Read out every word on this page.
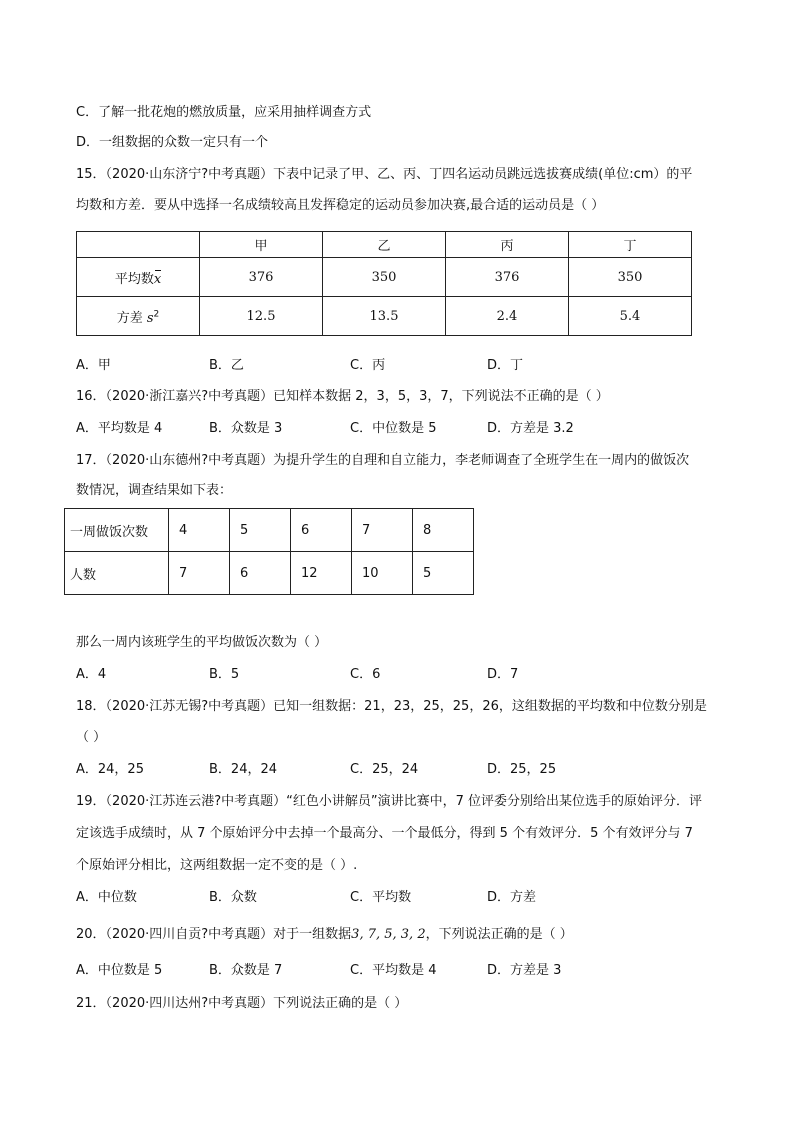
C．了解一批花炮的燃放质量，应采用抽样调查方式
D．一组数据的众数一定只有一个
15．（2020·山东济宁?中考真题）下表中记录了甲、乙、丙、丁四名运动员跳远选拔赛成绩(单位:cm）的平
均数和方差．要从中选择一名成绩较高且发挥稳定的运动员参加决赛,最合适的运动员是（ ）
	甲	乙	丙	丁
平均数x	376	350	376	350
方差 $s^2$	12.5	13.5	2.4	5.4
A．甲	B．乙	C．丙	D．丁
16．（2020·浙江嘉兴?中考真题）已知样本数据 2，3，5，3，7，下列说法不正确的是（ ）
A．平均数是 4	B．众数是 3	C．中位数是 5	D．方差是 3.2
17．（2020·山东德州?中考真题）为提升学生的自理和自立能力，李老师调查了全班学生在一周内的做饭次
数情况，调查结果如下表：
一周做饭次数	4	5	6	7	8
人数	7	6	12	10	5
那么一周内该班学生的平均做饭次数为（ ）
A．4	B．5	C．6	D．7
18．（2020·江苏无锡?中考真题）已知一组数据：21，23，25，25，26，这组数据的平均数和中位数分别是
（ ）
A．24，25	B．24，24	C．25，24	D．25，25
19．（2020·江苏连云港?中考真题）“红色小讲解员”演讲比赛中，7 位评委分别给出某位选手的原始评分．评
定该选手成绩时，从 7 个原始评分中去掉一个最高分、一个最低分，得到 5 个有效评分．5 个有效评分与 7
个原始评分相比，这两组数据一定不变的是（ ）.
A．中位数	B．众数	C．平均数	D．方差
20．（2020·四川自贡?中考真题）对于一组数据3, 7, 5, 3, 2，下列说法正确的是（ ）
A．中位数是 5	B．众数是 7	C．平均数是 4	D．方差是 3
21．（2020·四川达州?中考真题）下列说法正确的是（ ）
